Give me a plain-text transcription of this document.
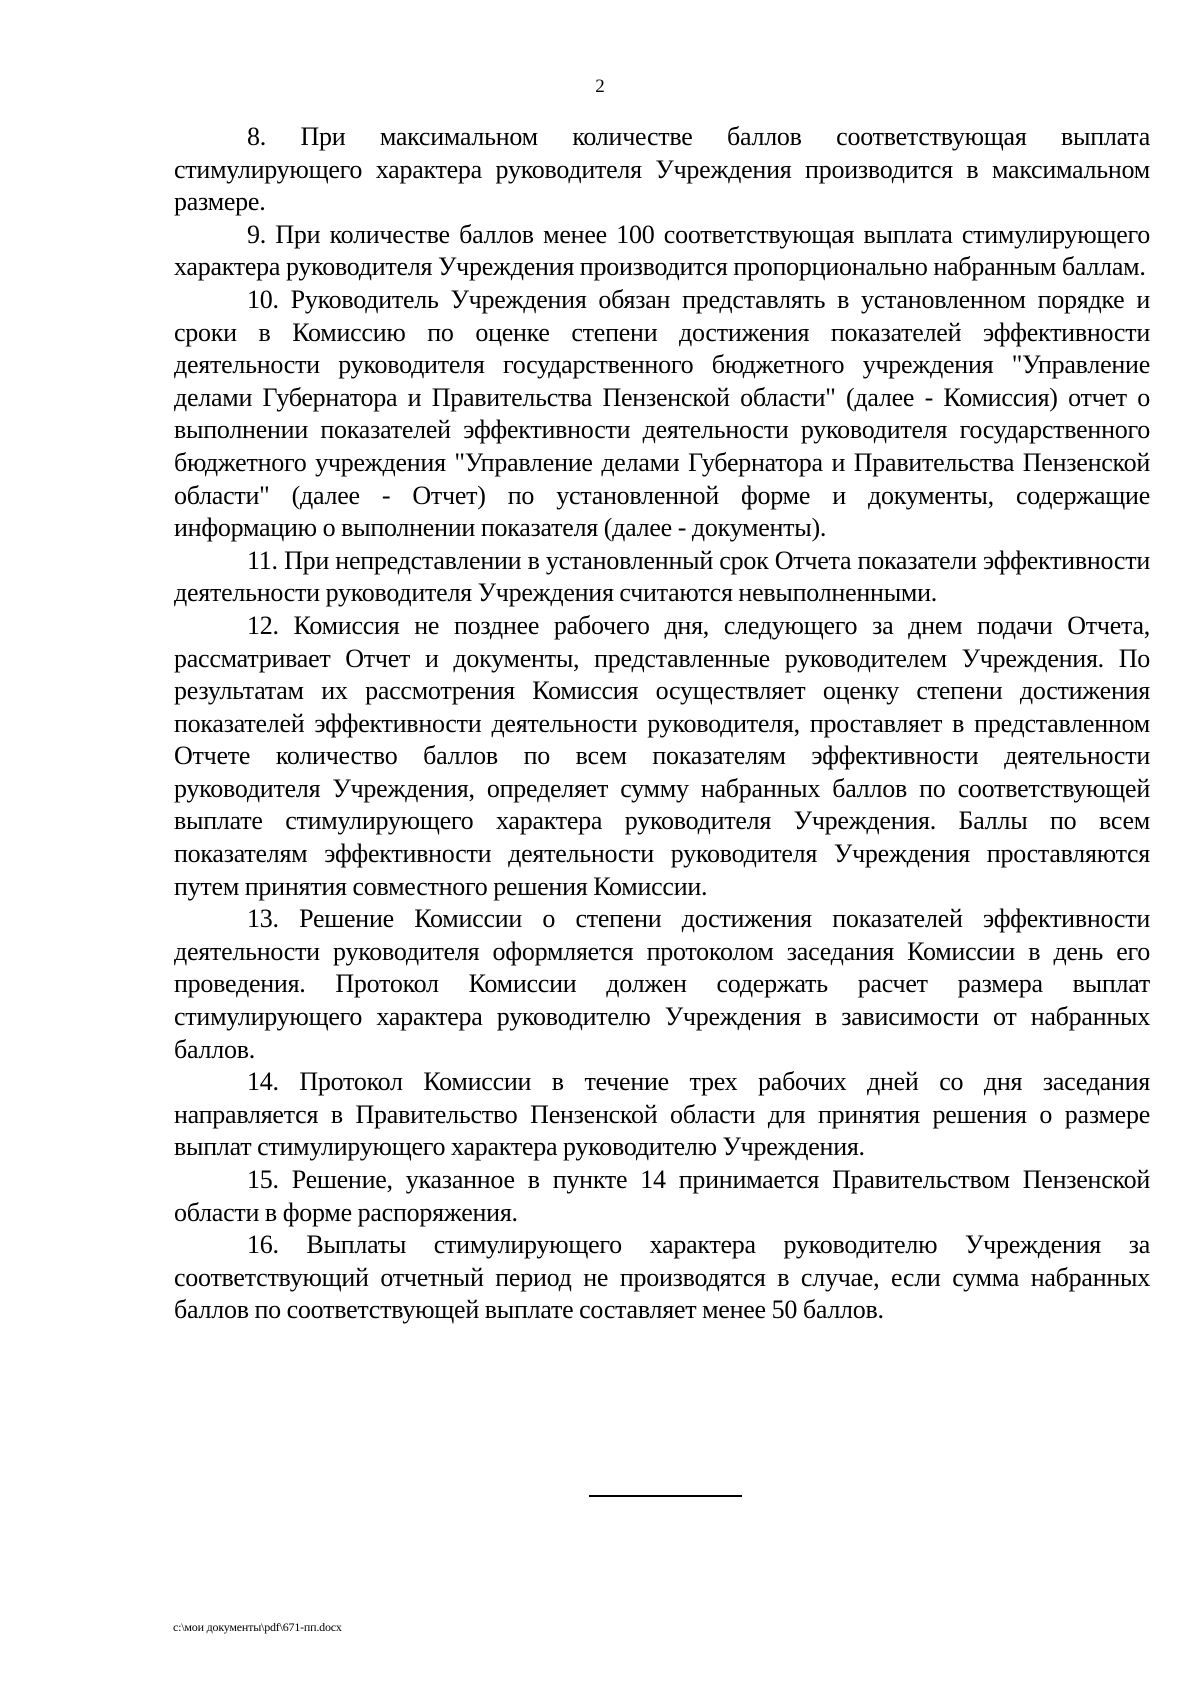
2

8. При максимальном количестве баллов соответствующая выплата стимулирующего характера руководителя Учреждения производится в максимальном размере.

9. При количестве баллов менее 100 соответствующая выплата стимулирующего характера руководителя Учреждения производится пропорционально набранным баллам.

10. Руководитель Учреждения обязан представлять в установленном порядке и сроки в Комиссию по оценке степени достижения показателей эффективности деятельности руководителя государственного бюджетного учреждения "Управление делами Губернатора и Правительства Пензенской области" (далее - Комиссия) отчет о выполнении показателей эффективности деятельности руководителя государственного бюджетного учреждения "Управление делами Губернатора и Правительства Пензенской области" (далее - Отчет) по установленной форме и документы, содержащие информацию о выполнении показателя (далее - документы).

11. При непредставлении в установленный срок Отчета показатели эффективности деятельности руководителя Учреждения считаются невыполненными.

12. Комиссия не позднее рабочего дня, следующего за днем подачи Отчета, рассматривает Отчет и документы, представленные руководителем Учреждения. По результатам их рассмотрения Комиссия осуществляет оценку степени достижения показателей эффективности деятельности руководителя, проставляет в представленном Отчете количество баллов по всем показателям эффективности деятельности руководителя Учреждения, определяет сумму набранных баллов по соответствующей выплате стимулирующего характера руководителя Учреждения. Баллы по всем показателям эффективности деятельности руководителя Учреждения проставляются путем принятия совместного решения Комиссии.

13. Решение Комиссии о степени достижения показателей эффективности деятельности руководителя оформляется протоколом заседания Комиссии в день его проведения. Протокол Комиссии должен содержать расчет размера выплат стимулирующего характера руководителю Учреждения в зависимости от набранных баллов.

14. Протокол Комиссии в течение трех рабочих дней со дня заседания направляется в Правительство Пензенской области для принятия решения о размере выплат стимулирующего характера руководителю Учреждения.

15. Решение, указанное в пункте 14 принимается Правительством Пензенской области в форме распоряжения.

16. Выплаты стимулирующего характера руководителю Учреждения за соответствующий отчетный период не производятся в случае, если сумма набранных баллов по соответствующей выплате составляет менее 50 баллов.

c:\мои документы\pdf\671-пп.docx
